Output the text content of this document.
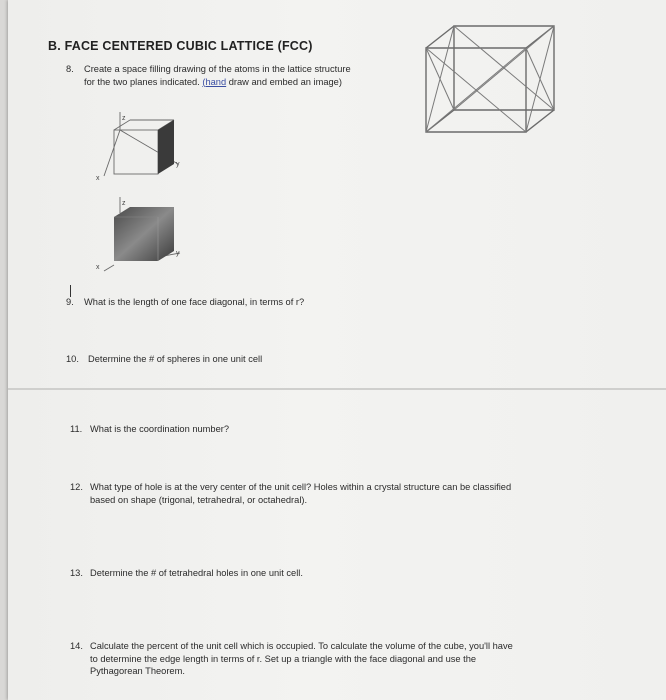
B. FACE CENTERED CUBIC LATTICE (FCC)
8. Create a space filling drawing of the atoms in the lattice structure
for the two planes indicated. (hand draw and embed an image)
z
y
x
z
y
x
9. What is the length of one face diagonal, in terms of r?
10. Determine the # of spheres in one unit cell
11. What is the coordination number?
12. What type of hole is at the very center of the unit cell? Holes within a crystal structure can be classified
based on shape (trigonal, tetrahedral, or octahedral).
13. Determine the # of tetrahedral holes in one unit cell.
14. Calculate the percent of the unit cell which is occupied. To calculate the volume of the cube, you'll have
to determine the edge length in terms of r. Set up a triangle with the face diagonal and use the
Pythagorean Theorem.
